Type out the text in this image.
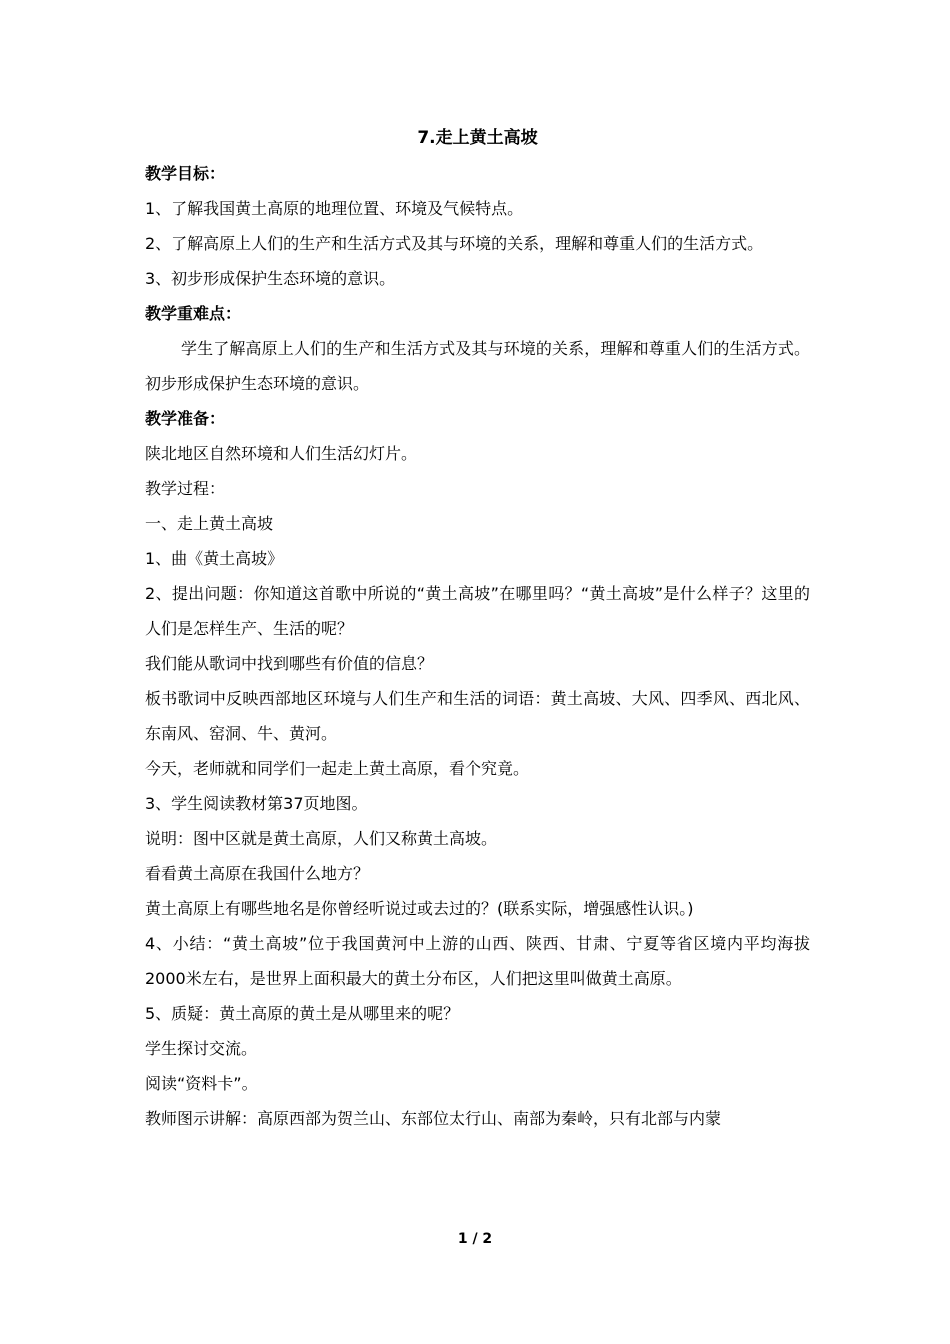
7.走上黄土高坡

教学目标：

1、了解我国黄土高原的地理位置、环境及气候特点。

2、了解高原上人们的生产和生活方式及其与环境的关系，理解和尊重人们的生活方式。

3、初步形成保护生态环境的意识。

教学重难点：

学生了解高原上人们的生产和生活方式及其与环境的关系，理解和尊重人们的生活方式。初步形成保护生态环境的意识。

教学准备：

陕北地区自然环境和人们生活幻灯片。

教学过程：

一、走上黄土高坡

1、曲《黄土高坡》

2、提出问题：你知道这首歌中所说的“黄土高坡”在哪里吗？“黄土高坡”是什么样子？这里的人们是怎样生产、生活的呢？

我们能从歌词中找到哪些有价值的信息？

板书歌词中反映西部地区环境与人们生产和生活的词语：黄土高坡、大风、四季风、西北风、东南风、窑洞、牛、黄河。

今天，老师就和同学们一起走上黄土高原，看个究竟。

3、学生阅读教材第37页地图。

说明：图中区就是黄土高原，人们又称黄土高坡。

看看黄土高原在我国什么地方？

黄土高原上有哪些地名是你曾经听说过或去过的？(联系实际，增强感性认识。)

4、小结：“黄土高坡”位于我国黄河中上游的山西、陕西、甘肃、宁夏等省区境内平均海拔2000米左右，是世界上面积最大的黄土分布区，人们把这里叫做黄土高原。

5、质疑：黄土高原的黄土是从哪里来的呢？

学生探讨交流。

阅读“资料卡”。

教师图示讲解：高原西部为贺兰山、东部位太行山、南部为秦岭，只有北部与内蒙

1 / 2
